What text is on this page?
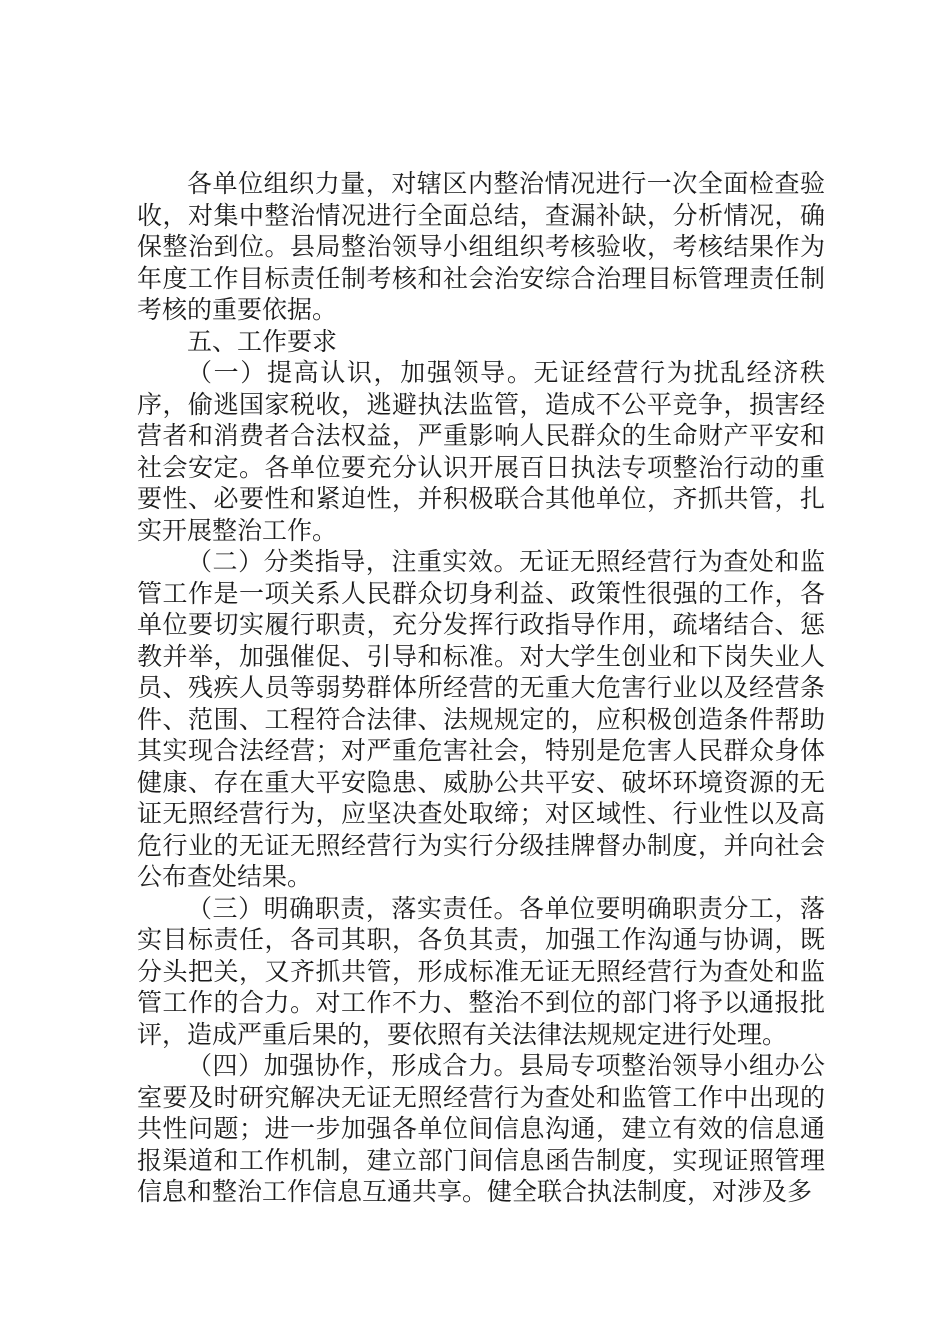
各单位组织力量，对辖区内整治情况进行一次全面检查验收，对集中整治情况进行全面总结，查漏补缺，分析情况，确保整治到位。县局整治领导小组组织考核验收，考核结果作为年度工作目标责任制考核和社会治安综合治理目标管理责任制考核的重要依据。

五、工作要求

（一）提高认识，加强领导。无证经营行为扰乱经济秩序，偷逃国家税收，逃避执法监管，造成不公平竞争，损害经营者和消费者合法权益，严重影响人民群众的生命财产平安和社会安定。各单位要充分认识开展百日执法专项整治行动的重要性、必要性和紧迫性，并积极联合其他单位，齐抓共管，扎实开展整治工作。

（二）分类指导，注重实效。无证无照经营行为查处和监管工作是一项关系人民群众切身利益、政策性很强的工作，各单位要切实履行职责，充分发挥行政指导作用，疏堵结合、惩教并举，加强催促、引导和标准。对大学生创业和下岗失业人员、残疾人员等弱势群体所经营的无重大危害行业以及经营条件、范围、工程符合法律、法规规定的，应积极创造条件帮助其实现合法经营；对严重危害社会，特别是危害人民群众身体健康、存在重大平安隐患、威胁公共平安、破坏环境资源的无证无照经营行为，应坚决查处取缔；对区域性、行业性以及高危行业的无证无照经营行为实行分级挂牌督办制度，并向社会公布查处结果。

（三）明确职责，落实责任。各单位要明确职责分工，落实目标责任，各司其职，各负其责，加强工作沟通与协调，既分头把关，又齐抓共管，形成标准无证无照经营行为查处和监管工作的合力。对工作不力、整治不到位的部门将予以通报批评，造成严重后果的，要依照有关法律法规规定进行处理。

（四）加强协作，形成合力。县局专项整治领导小组办公室要及时研究解决无证无照经营行为查处和监管工作中出现的共性问题；进一步加强各单位间信息沟通，建立有效的信息通报渠道和工作机制，建立部门间信息函告制度，实现证照管理信息和整治工作信息互通共享。健全联合执法制度，对涉及多
